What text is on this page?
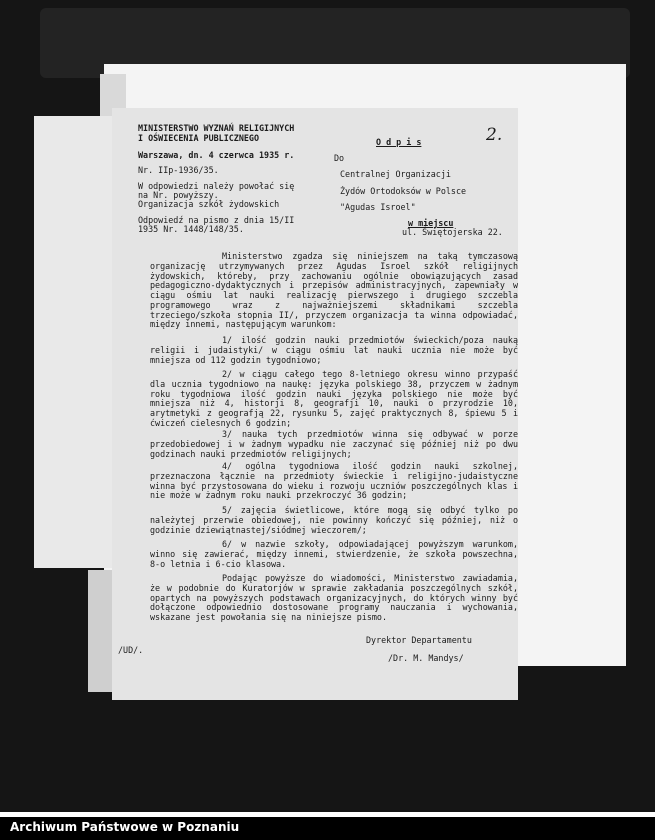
MINISTERSTWO WYZNAŃ RELIGIJNYCH
I OŚWIECENIA PUBLICZNEGO	O d p i s	2.
Warszawa, dn. 4 czerwca 1935 r.	Do
Nr. IIp-1936/35.	Centralnej Organizacji
W odpowiedzi należy powołać się
na Nr. powyższy.	Żydów Ortodoksów w Polsce
Organizacja szkół żydowskich	"Agudas Isroel"
Odpowiedź na pismo z dnia 15/II
1935 Nr. 1448/148/35.
w miejscu
ul. Świętojerska 22.
Ministerstwo zgadza się niniejszem na taką tymczasową organizację utrzymywanych przez Agudas Isroel szkół religijnych żydowskich, któreby, przy zachowaniu ogólnie obowiązujących zasad pedagogiczno-dydaktycznych i przepisów administracyjnych, zapewniały w ciągu ośmiu lat nauki realizację pierwszego i drugiego szczebla programowego wraz z najważniejszemi składnikami szczebla trzeciego/szkoła stopnia II/, przyczem organizacja ta winna odpowiadać, między innemi, następującym warunkom:
1/ ilość godzin nauki przedmiotów świeckich/poza nauką religii i judaistyki/ w ciągu ośmiu lat nauki ucznia nie może być mniejsza od 112 godzin tygodniowo;
2/ w ciągu całego tego 8-letniego okresu winno przypaść dla ucznia tygodniowo na naukę: języka polskiego 38, przyczem w żadnym roku tygodniowa ilość godzin nauki języka polskiego nie może być mniejsza niż 4, historji 8, geografji 10, nauki o przyrodzie 10, arytmetyki z geografją 22, rysunku 5, zajęć praktycznych 8, śpiewu 5 i ćwiczeń cielesnych 6 godzin;
3/ nauka tych przedmiotów winna się odbywać w porze przedobiedowej i w żadnym wypadku nie zaczynać się później niż po dwu godzinach nauki przedmiotów religijnych;
4/ ogólna tygodniowa ilość godzin nauki szkolnej, przeznaczona łącznie na przedmioty świeckie i religijno-judaistyczne winna być przystosowana do wieku i rozwoju uczniów poszczególnych klas i nie może w żadnym roku nauki przekroczyć 36 godzin;
5/ zajęcia świetlicowe, które mogą się odbyć tylko po należytej przerwie obiedowej, nie powinny kończyć się później, niż o godzinie dziewiątnastej/siódmej wieczorem/;
6/ w nazwie szkoły, odpowiadającej powyższym warunkom, winno się zawierać, między innemi, stwierdzenie, że szkoła powszechna, 8-o letnia i 6-cio klasowa.
Podając powyższe do wiadomości, Ministerstwo zawiadamia, że w podobnie do Kuratorjów w sprawie zakładania poszczególnych szkół, opartych na powyższych podstawach organizacyjnych, do których winny być dołączone odpowiednio dostosowane programy nauczania i wychowania, wskazane jest powołania się na niniejsze pismo.
Dyrektor Departamentu
/UD/.
/Dr. M. Mandys/
Archiwum Państwowe w Poznaniu
